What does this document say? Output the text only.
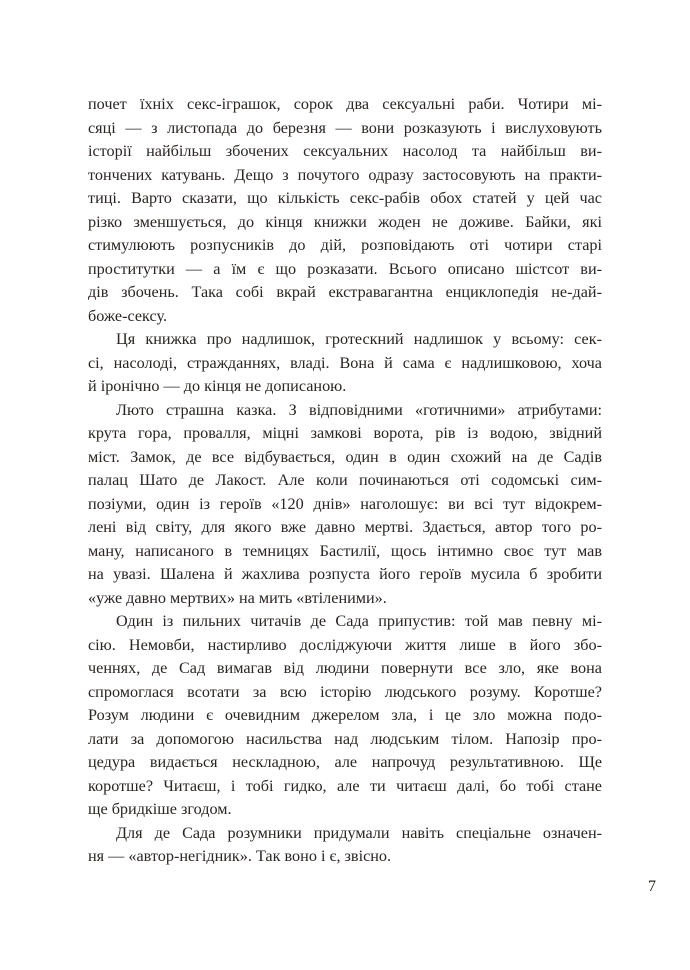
почет їхніх секс-іграшок, сорок два сексуальні раби. Чотири мі-
сяці — з листопада до березня — вони розказують і вислуховують
історії найбільш збочених сексуальних насолод та найбільш ви-
тончених катувань. Дещо з почутого одразу застосовують на практи-
тиці. Варто сказати, що кількість секс-рабів обох статей у цей час
різко зменшується, до кінця книжки жоден не доживе. Байки, які
стимулюють розпусників до дій, розповідають оті чотири старі
проститутки — а їм є що розказати. Всього описано шістсот ви-
дів збочень. Така собі вкрай екстравагантна енциклопедія не-дай-
боже-сексу.

Ця книжка про надлишок, гротескний надлишок у всьому: сек-
сі, насолоді, стражданнях, владі. Вона й сама є надлишковою, хоча
й іронічно — до кінця не дописаною.

Люто страшна казка. З відповідними «готичними» атрибутами:
крута гора, провалля, міцні замкові ворота, рів із водою, звідний
міст. Замок, де все відбувається, один в один схожий на де Садів
палац Шато де Лакост. Але коли починаються оті содомські сим-
позіуми, один із героїв «120 днів» наголошує: ви всі тут відокрем-
лені від світу, для якого вже давно мертві. Здається, автор того ро-
ману, написаного в темницях Бастилії, щось інтимно своє тут мав
на увазі. Шалена й жахлива розпуста його героїв мусила б зробити
«уже давно мертвих» на мить «втіленими».

Один із пильних читачів де Сада припустив: той мав певну мі-
сію. Немовби, настирливо досліджуючи життя лише в його збо-
ченнях, де Сад вимагав від людини повернути все зло, яке вона
спромоглася всотати за всю історію людського розуму. Коротше?
Розум людини є очевидним джерелом зла, і це зло можна подо-
лати за допомогою насильства над людським тілом. Напозір про-
цедура видається нескладною, але напрочуд результативною. Ще
коротше? Читаєш, і тобі гидко, але ти читаєш далі, бо тобі стане
ще бридкіше згодом.

Для де Сада розумники придумали навіть спеціальне означен-
ня — «автор-негідник». Так воно і є, звісно.

7
